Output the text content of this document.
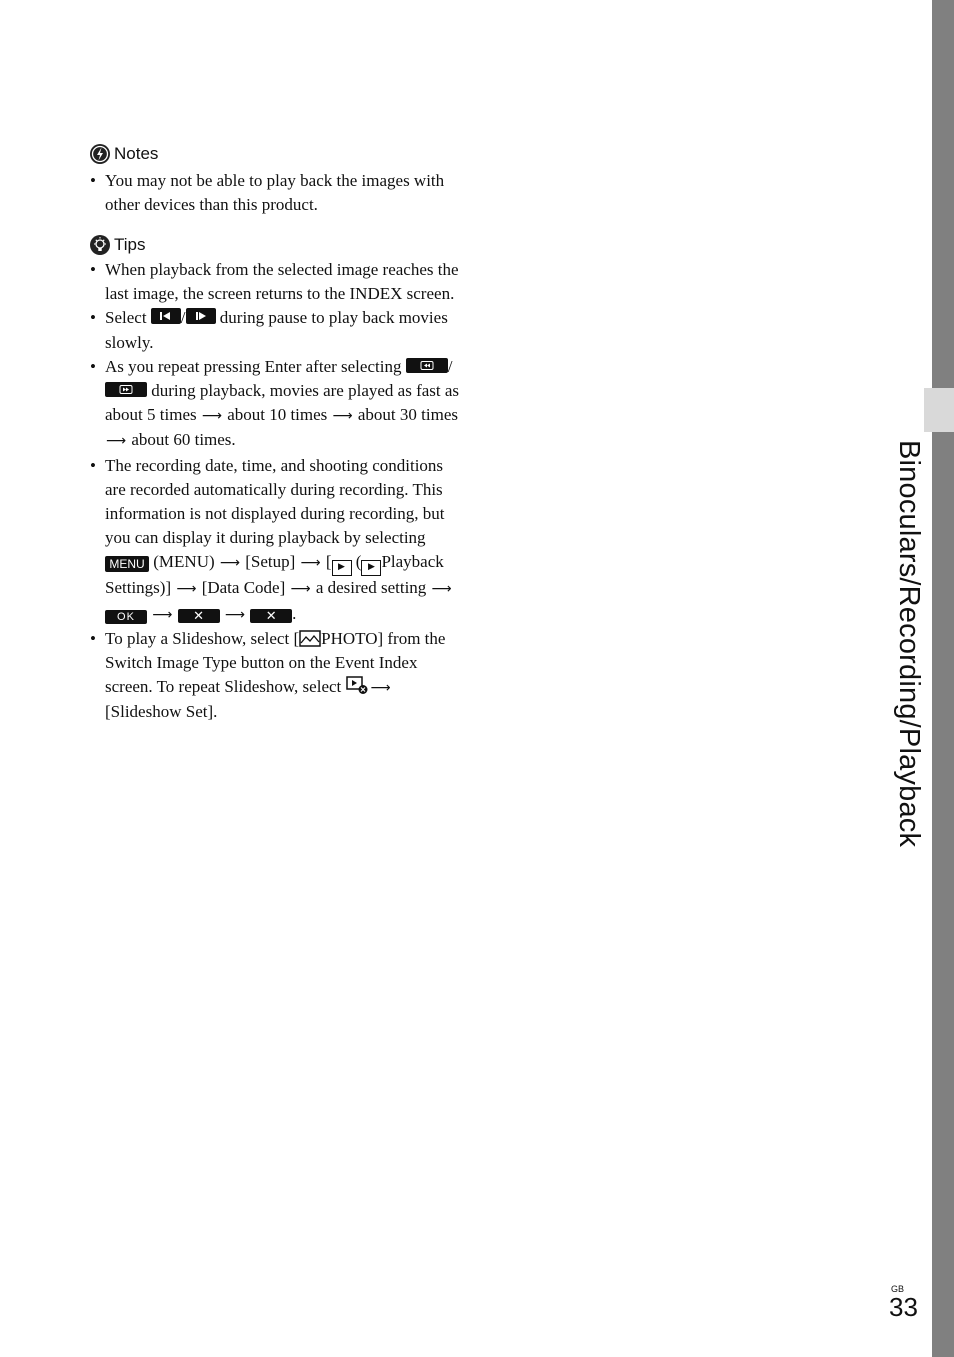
Binoculars/Recording/Playback
Notes
• You may not be able to play back the images with other devices than this product.
Tips
• When playback from the selected image reaches the last image, the screen returns to the INDEX screen.
• Select / during pause to play back movies slowly.
• As you repeat pressing Enter after selecting / during playback, movies are played as fast as about 5 times ⟶ about 10 times ⟶ about 30 times ⟶ about 60 times.
• The recording date, time, and shooting conditions are recorded automatically during recording. This information is not displayed during recording, but you can display it during playback by selecting MENU (MENU) ⟶ [Setup] ⟶ [ ▶ ( ▶ Playback Settings)] ⟶ [Data Code] ⟶ a desired setting ⟶ OK ⟶ ✕ ⟶ ✕ .
• To play a Slideshow, select [ PHOTO] from the Switch Image Type button on the Event Index screen. To repeat Slideshow, select ⟶ [Slideshow Set].
GB
33
